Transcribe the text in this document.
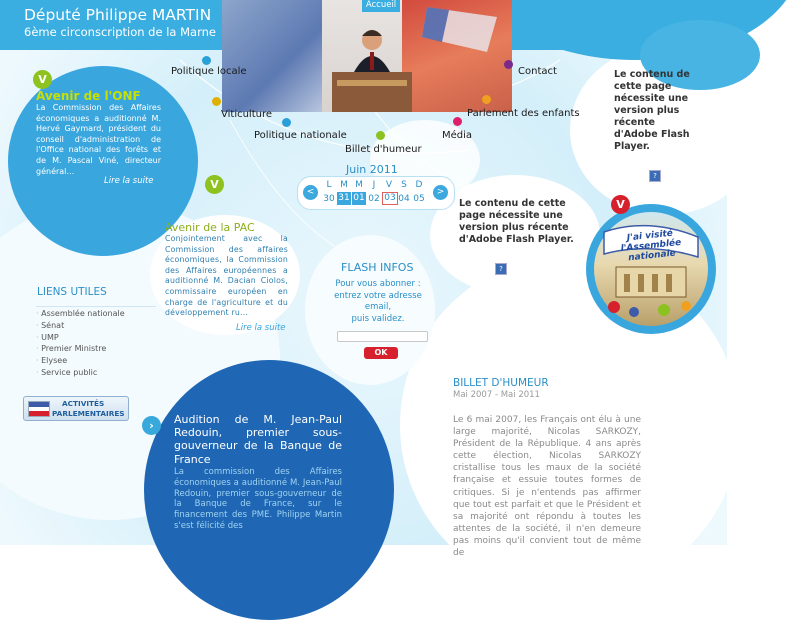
Député Philippe MARTIN
6ème circonscription de la Marne
Accueil
Politique locale
Viticulture
Politique nationale
Billet d'humeur
Média
Parlement des enfants
Contact
V
Avenir de l'ONF
La Commission des Affaires économiques a auditionné M. Hervé Gaymard, président du conseil d'administration de l'Office national des forêts et de M. Pascal Viné, directeur général…
Lire la suite	V
Avenir de la PAC
Conjointement avec la Commission des affaires économiques, la Commission des Affaires européennes a auditionné M. Dacian Ciolos, commissaire européen en charge de l'agriculture et du développement ru…
Lire la suite
Juin 2011
<	>
L M M	J	V	S D
30 31 01 02 03 04 05
FLASH INFOS
Pour vous abonner :
entrez votre adresse
email,
puis validez.
OK
LIENS UTILES
· Assemblée nationale
· Sénat
· UMP
· Premier Ministre
· Elysee
· Service public
ACTIVITÉS
PARLEMENTAIRES
Le contenu de
cette page
nécessite une
version plus
récente
d'Adobe Flash
Player.
?
Le contenu de cette
page nécessite une
version plus récente
d'Adobe Flash Player.
?
J'ai visité l'Assemblée nationale
V
›	Audition de M. Jean-Paul Redouin, premier sous-gouverneur de la Banque de France
La commission des Affaires économiques a auditionné M. Jean-Paul Redouin, premier sous-gouverneur de la Banque de France, sur le financement des PME. Philippe Martin s'est félicité des
BILLET D'HUMEUR
Mai 2007 - Mai 2011
Le 6 mai 2007, les Français ont élu à une large majorité, Nicolas SARKOZY, Président de la République. 4 ans après cette élection, Nicolas SARKOZY cristallise tous les maux de la société française et essuie toutes formes de critiques. Si je n'entends pas affirmer que tout est parfait et que le Président et sa majorité ont répondu à toutes les attentes de la société, il n'en demeure pas moins qu'il convient tout de même de
